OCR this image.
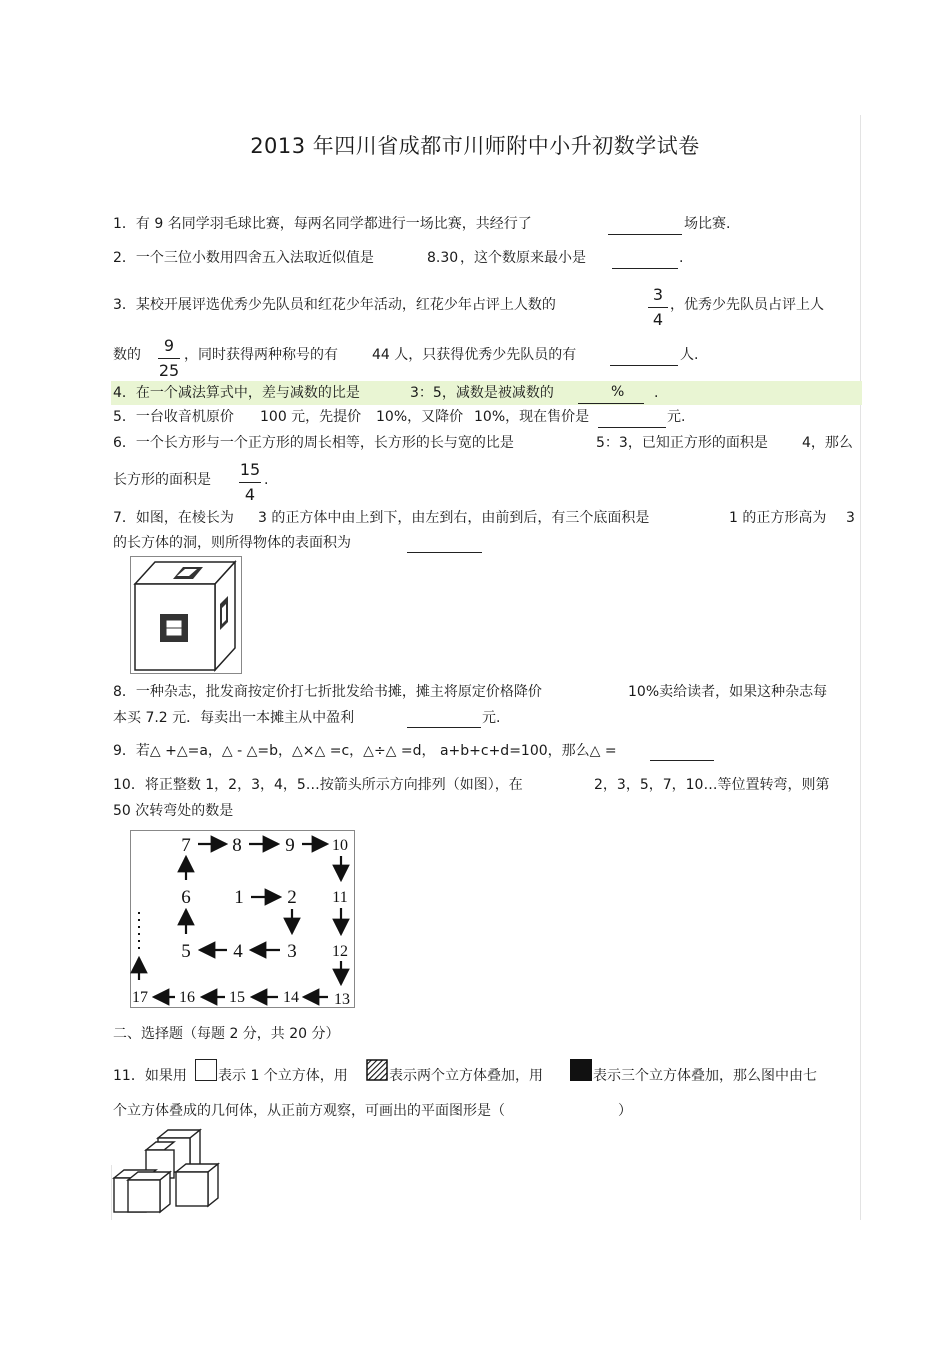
2013 年四川省成都市川师附中小升初数学试卷
1．有 9 名同学羽毛球比赛，每两名同学都进行一场比赛，共经行了	场比赛.
2．一个三位小数用四舍五入法取近似值是	8.30 ，这个数原来最小是	.
3．某校开展评选优秀少先队员和红花少年活动，红花少年占评上人数的
3
4
，优秀少先队员占评上人
数的	9
25
，同时获得两种称号的有 44 人，只获得优秀少先队员的有	人.
4．在一个减法算式中，差与减数的比是	3：5，减数是被减数的	% .
5．一台收音机原价 100 元，先提价 10%，又降价 10%，现在售价是	元.
6．一个长方形与一个正方形的周长相等，长方形的长与宽的比是	5：3，已知正方形的面积是 4，那么
长方形的面积是
15
4
.
7．如图，在棱长为 3 的正方体中由上到下，由左到右，由前到后，有三个底面积是	1 的正方形高为 3
的长方体的洞，则所得物体的表面积为
8．一种杂志，批发商按定价打七折批发给书摊，摊主将原定价格降价	10%卖给读者，如果这种杂志每
本买 7.2 元．每卖出一本摊主从中盈利	元.
9．若△ +△=a，△ - △=b，△×△ =c，△÷△ =d， a+b+c+d=100，那么△ =
10．将正整数 1，2，3，4，5…按箭头所示方向排列（如图），在	2，3，5，7，10…等位置转弯，则第
50 次转弯处的数是
7 8 9 10
6 1 2 11
5 4 3 12
17 16 15 14 13
二、选择题（每题 2 分，共 20 分）
11．如果用 表示 1 个立方体，用	表示两个立方体叠加，用	表示三个立方体叠加，那么图中由七
个立方体叠成的几何体，从正前方观察，可画出的平面图形是（	）
